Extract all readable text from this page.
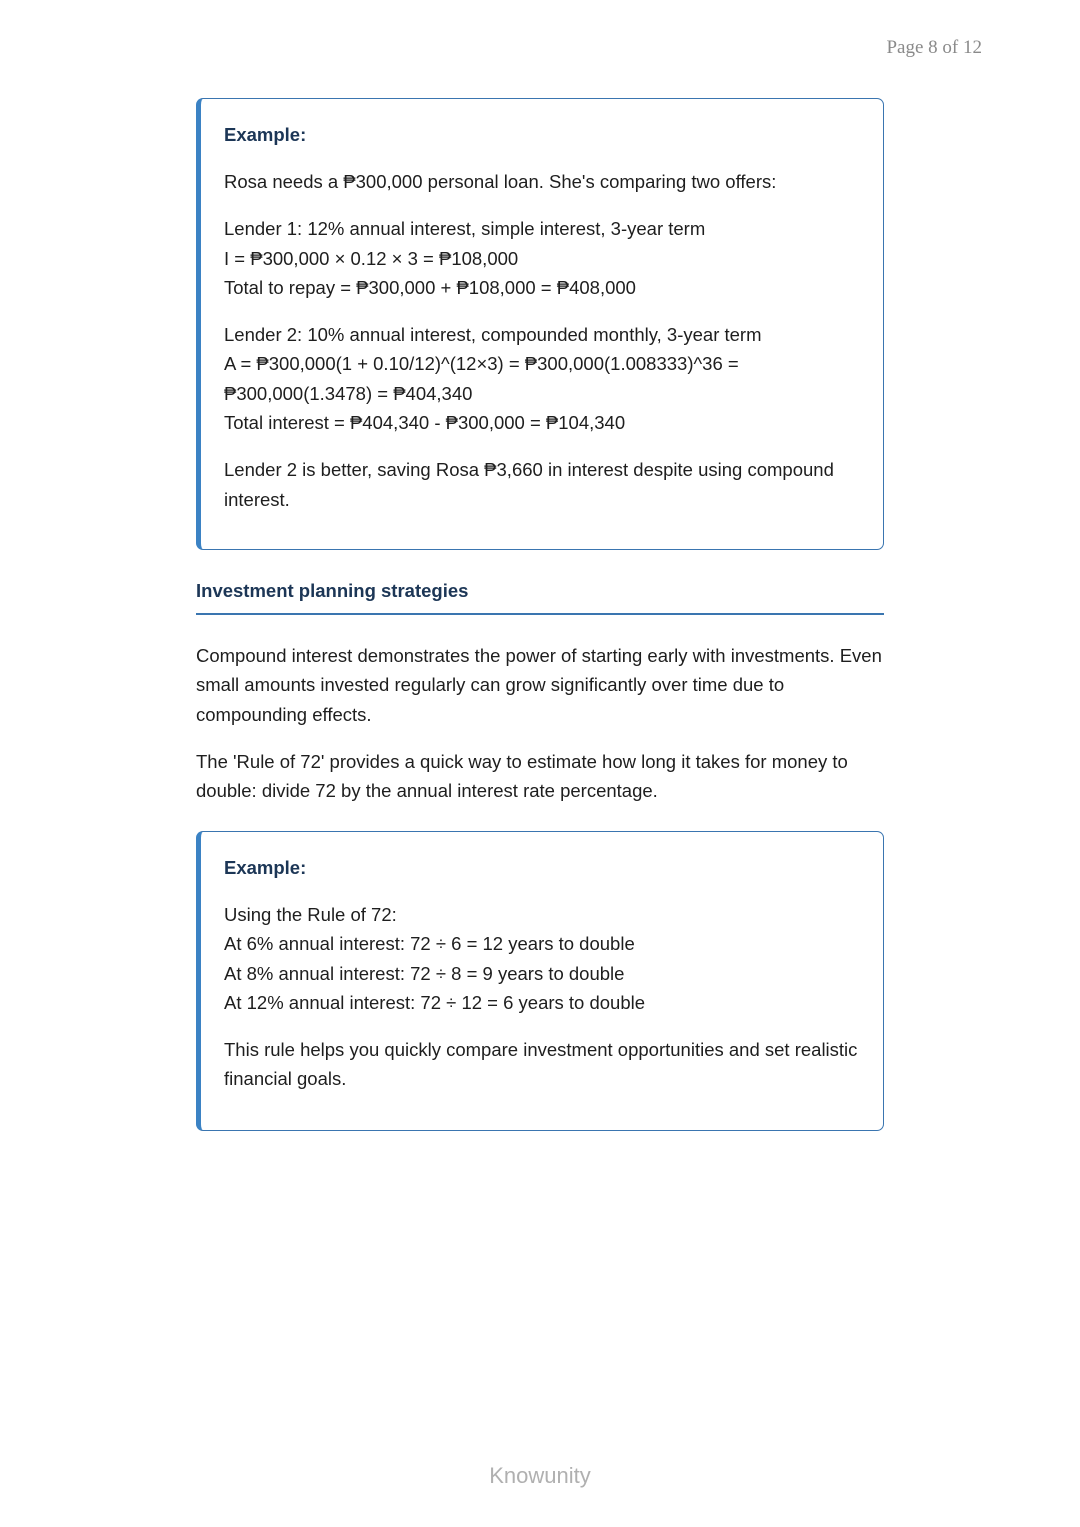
Page 8 of 12
Example:

Rosa needs a ₱300,000 personal loan. She's comparing two offers:

Lender 1: 12% annual interest, simple interest, 3-year term
I = ₱300,000 × 0.12 × 3 = ₱108,000
Total to repay = ₱300,000 + ₱108,000 = ₱408,000

Lender 2: 10% annual interest, compounded monthly, 3-year term
A = ₱300,000(1 + 0.10/12)^(12×3) = ₱300,000(1.008333)^36 =
₱300,000(1.3478) = ₱404,340
Total interest = ₱404,340 - ₱300,000 = ₱104,340

Lender 2 is better, saving Rosa ₱3,660 in interest despite using compound interest.

Investment planning strategies

Compound interest demonstrates the power of starting early with investments. Even small amounts invested regularly can grow significantly over time due to compounding effects.

The 'Rule of 72' provides a quick way to estimate how long it takes for money to double: divide 72 by the annual interest rate percentage.

Example:

Using the Rule of 72:
At 6% annual interest: 72 ÷ 6 = 12 years to double
At 8% annual interest: 72 ÷ 8 = 9 years to double
At 12% annual interest: 72 ÷ 12 = 6 years to double

This rule helps you quickly compare investment opportunities and set realistic financial goals.

Knowunity
